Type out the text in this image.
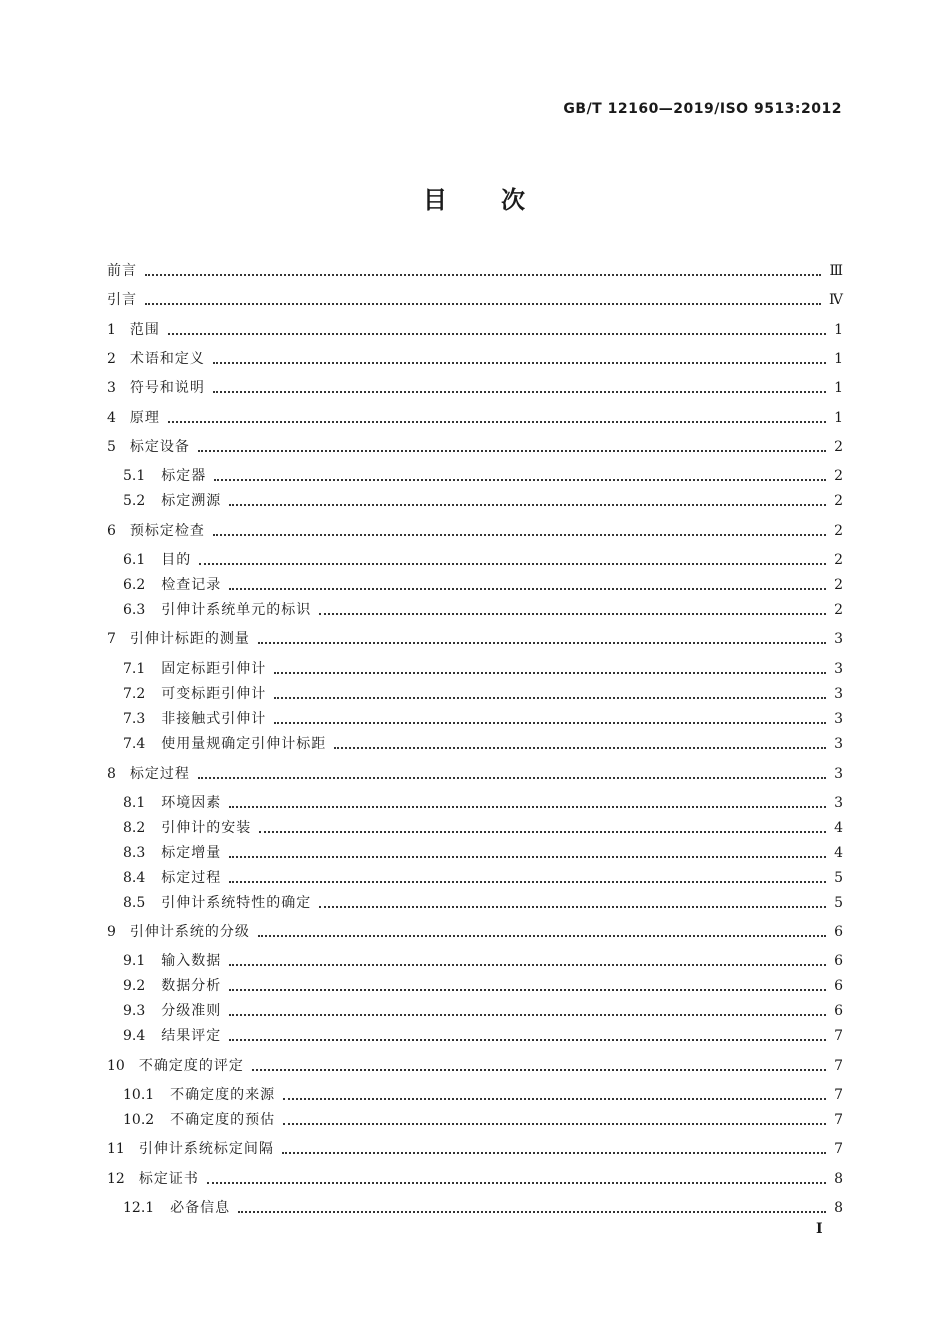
GB/T 12160—2019/ISO 9513:2012
目　　次
前言	Ⅲ
引言	Ⅳ
1 范围	1
2 术语和定义	1
3 符号和说明	1
4 原理	1
5 标定设备	2
5.1 标定器	2
5.2 标定溯源	2
6 预标定检查	2
6.1 目的	2
6.2 检查记录	2
6.3 引伸计系统单元的标识	2
7 引伸计标距的测量	3
7.1 固定标距引伸计	3
7.2 可变标距引伸计	3
7.3 非接触式引伸计	3
7.4 使用量规确定引伸计标距	3
8 标定过程	3
8.1 环境因素	3
8.2 引伸计的安装	4
8.3 标定增量	4
8.4 标定过程	5
8.5 引伸计系统特性的确定	5
9 引伸计系统的分级	6
9.1 输入数据	6
9.2 数据分析	6
9.3 分级准则	6
9.4 结果评定	7
10 不确定度的评定	7
10.1 不确定度的来源	7
10.2 不确定度的预估	7
11 引伸计系统标定间隔	7
12 标定证书	8
12.1 必备信息	8
I
